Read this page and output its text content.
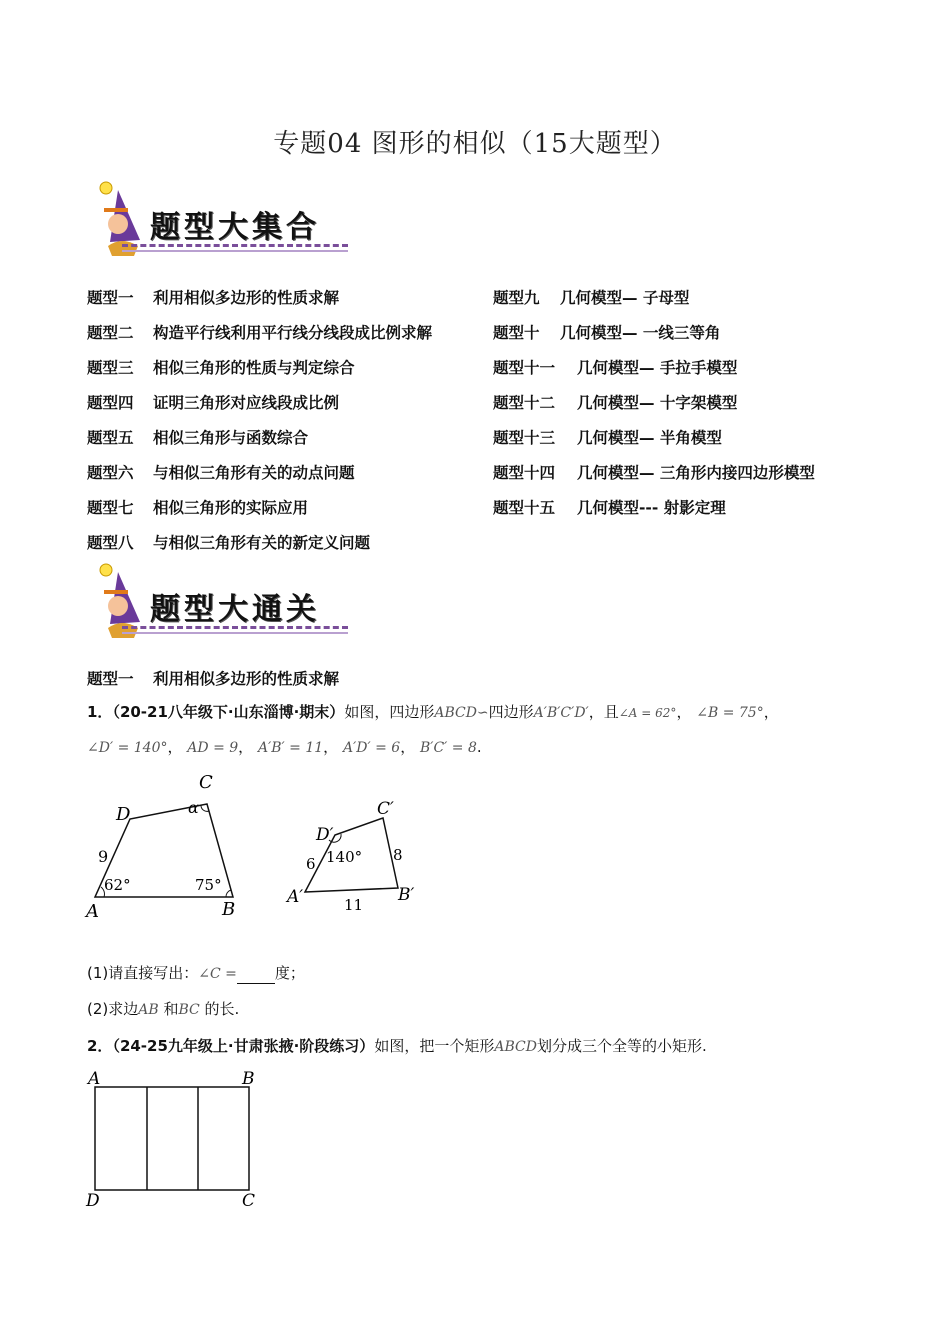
专题04 图形的相似（15大题型）
题型大集合
题型一 利用相似多边形的性质求解
题型二 构造平行线利用平行线分线段成比例求解
题型三 相似三角形的性质与判定综合
题型四 证明三角形对应线段成比例
题型五 相似三角形与函数综合
题型六 与相似三角形有关的动点问题
题型七 相似三角形的实际应用
题型八 与相似三角形有关的新定义问题
题型九 几何模型— 子母型
题型十 几何模型— 一线三等角
题型十一 几何模型— 手拉手模型
题型十二 几何模型— 十字架模型
题型十三 几何模型— 半角模型
题型十四 几何模型— 三角形内接四边形模型
题型十五 几何模型--- 射影定理
题型大通关
题型一 利用相似多边形的性质求解
1．（20-21八年级下·山东淄博·期末）如图，四边形ABCD∽四边形A′B′C′D′，且∠A = 62°， ∠B = 75°，
∠D′ = 140°， AD = 9， A′B′ = 11， A′D′ = 6， B′C′ = 8.
A	B
C
D	α
9
62°	75°
A′	B′
C′
D′
6	8
11
140°
(1)请直接写出：∠C =	度；
(2)求边AB 和BC 的长.
2．（24-25九年级上·甘肃张掖·阶段练习）如图，把一个矩形ABCD划分成三个全等的小矩形.
A	B
C
D
